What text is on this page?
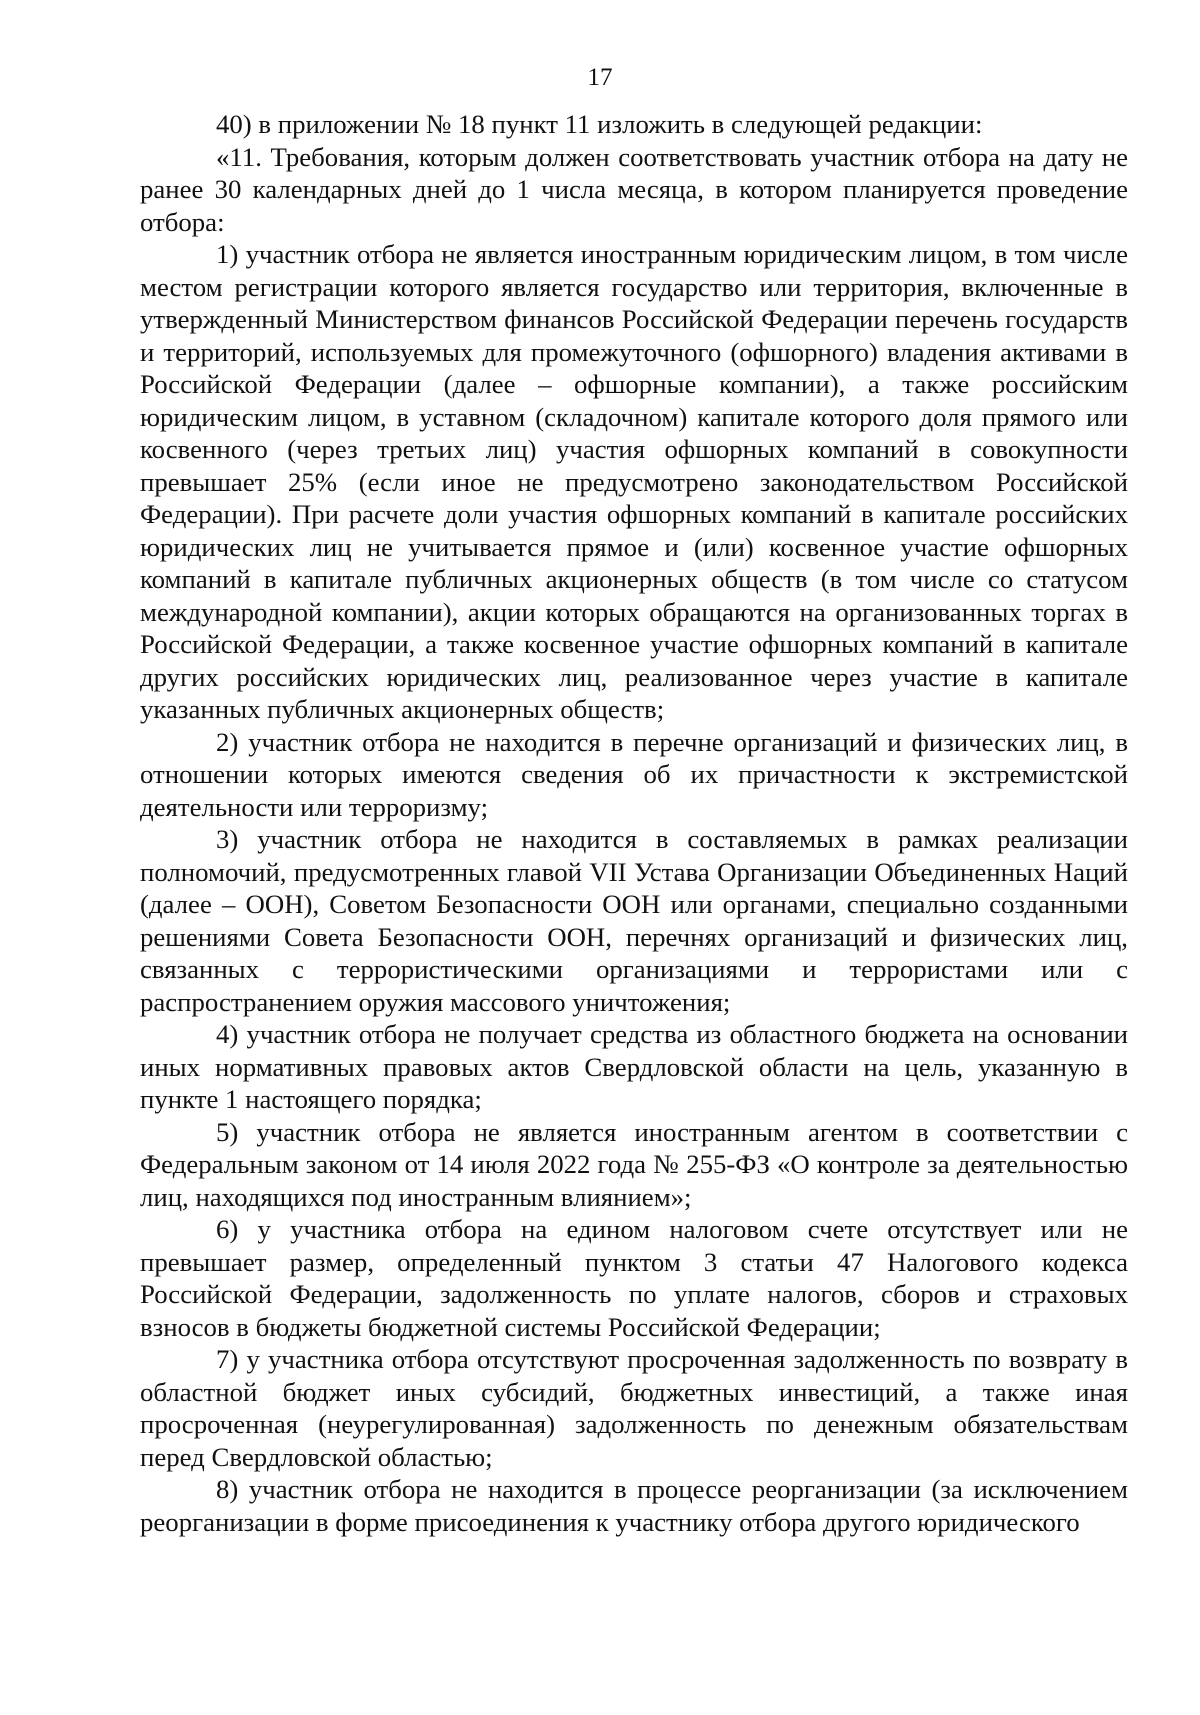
17

40) в приложении № 18 пункт 11 изложить в следующей редакции:

«11. Требования, которым должен соответствовать участник отбора на дату не ранее 30 календарных дней до 1 числа месяца, в котором планируется проведение отбора:

1) участник отбора не является иностранным юридическим лицом, в том числе местом регистрации которого является государство или территория, включенные в утвержденный Министерством финансов Российской Федерации перечень государств и территорий, используемых для промежуточного (офшорного) владения активами в Российской Федерации (далее – офшорные компании), а также российским юридическим лицом, в уставном (складочном) капитале которого доля прямого или косвенного (через третьих лиц) участия офшорных компаний в совокупности превышает 25% (если иное не предусмотрено законодательством Российской Федерации). При расчете доли участия офшорных компаний в капитале российских юридических лиц не учитывается прямое и (или) косвенное участие офшорных компаний в капитале публичных акционерных обществ (в том числе со статусом международной компании), акции которых обращаются на организованных торгах в Российской Федерации, а также косвенное участие офшорных компаний в капитале других российских юридических лиц, реализованное через участие в капитале указанных публичных акционерных обществ;

2) участник отбора не находится в перечне организаций и физических лиц, в отношении которых имеются сведения об их причастности к экстремистской деятельности или терроризму;

3) участник отбора не находится в составляемых в рамках реализации полномочий, предусмотренных главой VII Устава Организации Объединенных Наций (далее – ООН), Советом Безопасности ООН или органами, специально созданными решениями Совета Безопасности ООН, перечнях организаций и физических лиц, связанных с террористическими организациями и террористами или с распространением оружия массового уничтожения;

4) участник отбора не получает средства из областного бюджета на основании иных нормативных правовых актов Свердловской области на цель, указанную в пункте 1 настоящего порядка;

5) участник отбора не является иностранным агентом в соответствии с Федеральным законом от 14 июля 2022 года № 255-ФЗ «О контроле за деятельностью лиц, находящихся под иностранным влиянием»;

6) у участника отбора на едином налоговом счете отсутствует или не превышает размер, определенный пунктом 3 статьи 47 Налогового кодекса Российской Федерации, задолженность по уплате налогов, сборов и страховых взносов в бюджеты бюджетной системы Российской Федерации;

7) у участника отбора отсутствуют просроченная задолженность по возврату в областной бюджет иных субсидий, бюджетных инвестиций, а также иная просроченная (неурегулированная) задолженность по денежным обязательствам перед Свердловской областью;

8) участник отбора не находится в процессе реорганизации (за исключением реорганизации в форме присоединения к участнику отбора другого юридического
